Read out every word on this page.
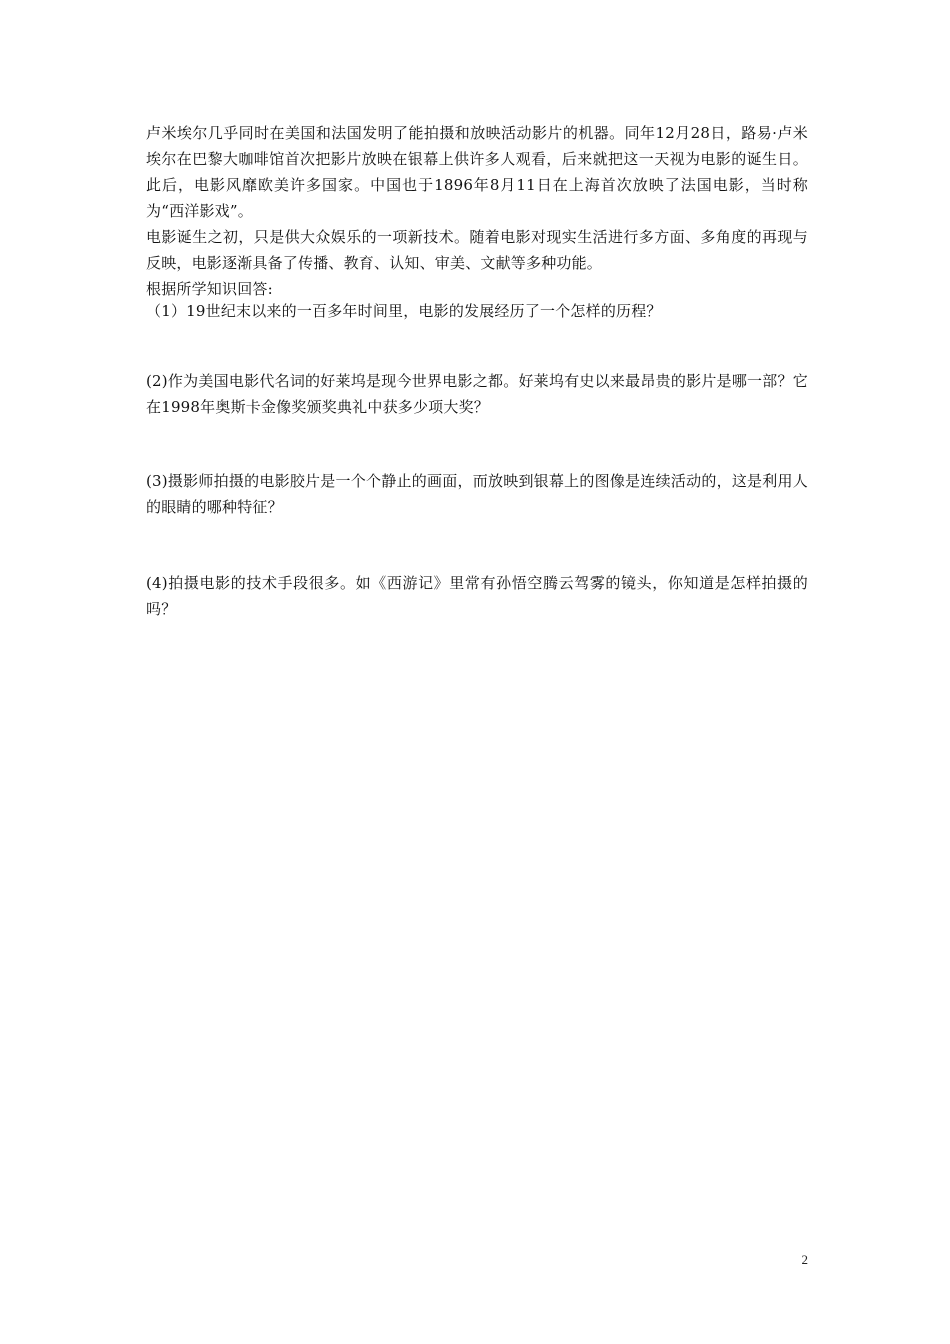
卢米埃尔几乎同时在美国和法国发明了能拍摄和放映活动影片的机器。同年12月28日，路易·卢米埃尔在巴黎大咖啡馆首次把影片放映在银幕上供许多人观看，后来就把这一天视为电影的诞生日。此后，电影风靡欧美许多国家。中国也于1896年8月11日在上海首次放映了法国电影，当时称为“西洋影戏”。

电影诞生之初，只是供大众娱乐的一项新技术。随着电影对现实生活进行多方面、多角度的再现与反映，电影逐渐具备了传播、教育、认知、审美、文献等多种功能。

根据所学知识回答:

（1）19世纪末以来的一百多年时间里，电影的发展经历了一个怎样的历程？

(2)作为美国电影代名词的好莱坞是现今世界电影之都。好莱坞有史以来最昂贵的影片是哪一部？它在1998年奥斯卡金像奖颁奖典礼中获多少项大奖？

(3)摄影师拍摄的电影胶片是一个个静止的画面，而放映到银幕上的图像是连续活动的，这是利用人的眼睛的哪种特征？

(4)拍摄电影的技术手段很多。如《西游记》里常有孙悟空腾云驾雾的镜头，你知道是怎样拍摄的吗？

2
